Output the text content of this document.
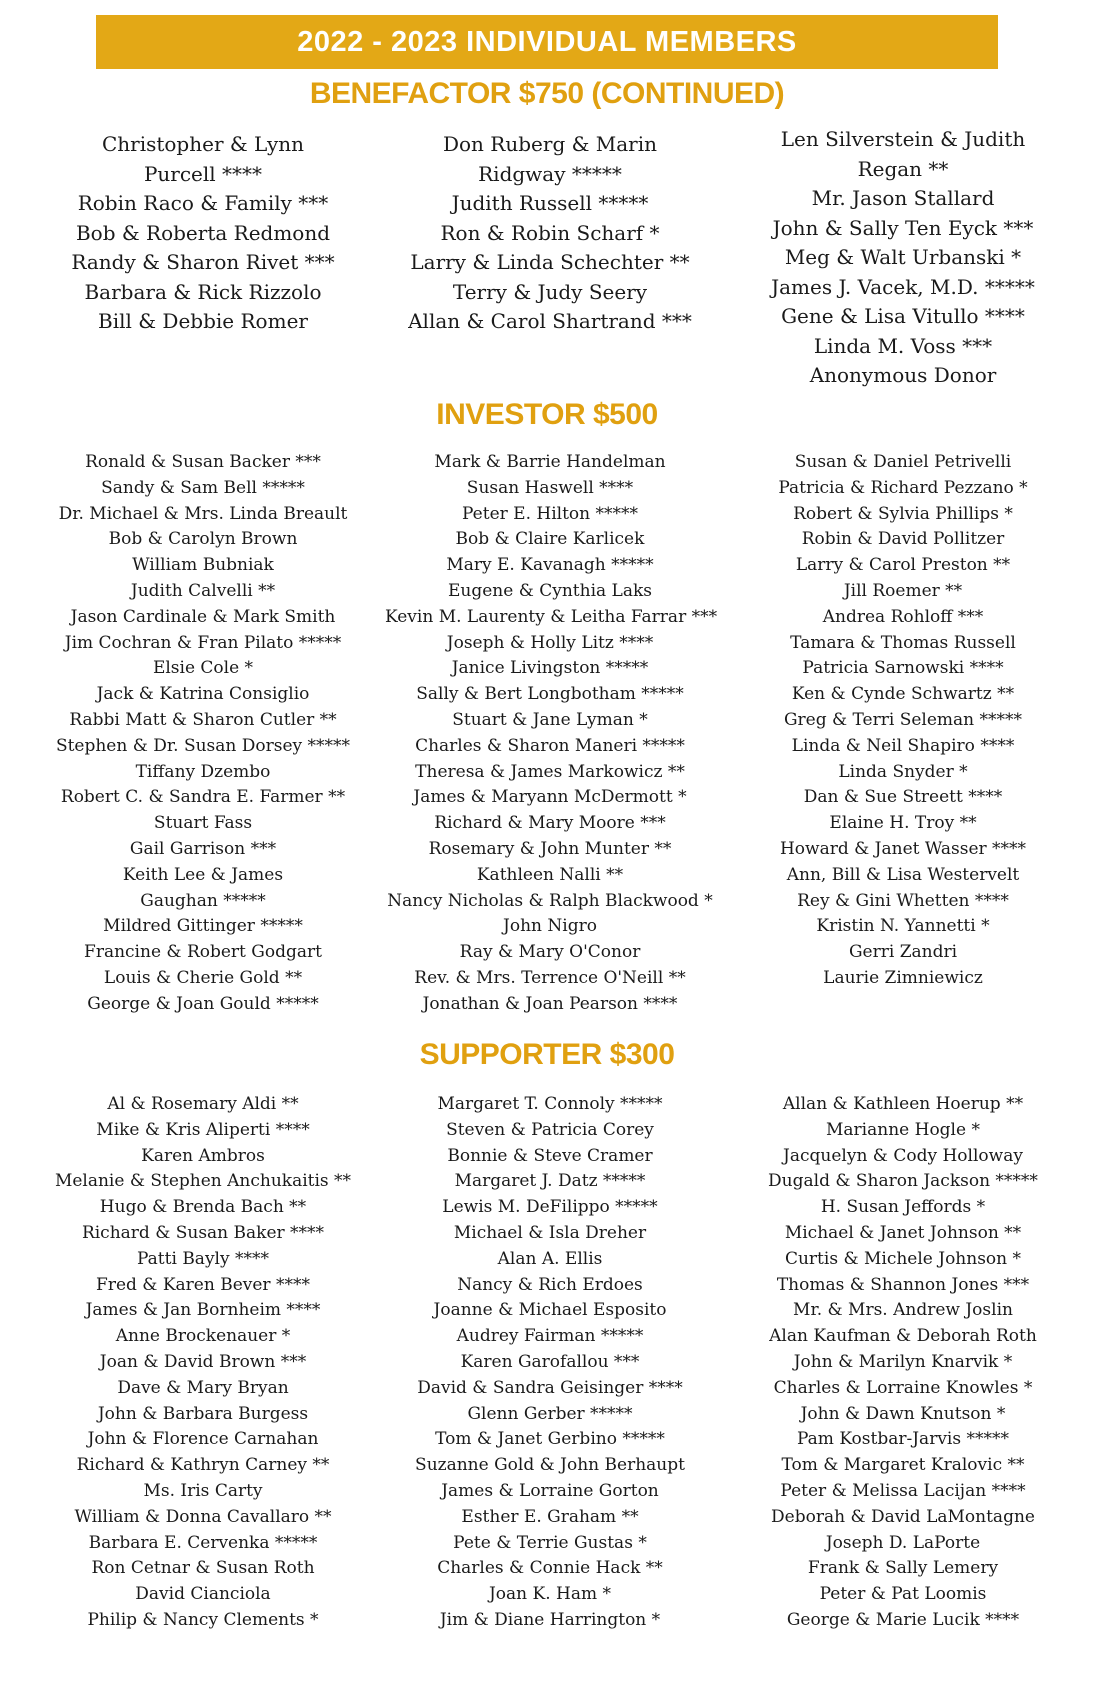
2022 - 2023 INDIVIDUAL MEMBERS
BENEFACTOR $750 (CONTINUED)
Christopher & Lynn
Purcell ****
Robin Raco & Family ***
Bob & Roberta Redmond
Randy & Sharon Rivet ***
Barbara & Rick Rizzolo
Bill & Debbie Romer
Don Ruberg & Marin
Ridgway *****
Judith Russell *****
Ron & Robin Scharf *
Larry & Linda Schechter **
Terry & Judy Seery
Allan & Carol Shartrand ***
Len Silverstein & Judith
Regan **
Mr. Jason Stallard
John & Sally Ten Eyck ***
Meg & Walt Urbanski *
James J. Vacek, M.D. *****
Gene & Lisa Vitullo ****
Linda M. Voss ***
Anonymous Donor
INVESTOR $500
Ronald & Susan Backer ***
Sandy & Sam Bell *****
Dr. Michael & Mrs. Linda Breault
Bob & Carolyn Brown
William Bubniak
Judith Calvelli **
Jason Cardinale & Mark Smith
Jim Cochran & Fran Pilato *****
Elsie Cole *
Jack & Katrina Consiglio
Rabbi Matt & Sharon Cutler **
Stephen & Dr. Susan Dorsey *****
Tiffany Dzembo
Robert C. & Sandra E. Farmer **
Stuart Fass
Gail Garrison ***
Keith Lee & James
Gaughan *****
Mildred Gittinger *****
Francine & Robert Godgart
Louis & Cherie Gold **
George & Joan Gould *****
Mark & Barrie Handelman
Susan Haswell ****
Peter E. Hilton *****
Bob & Claire Karlicek
Mary E. Kavanagh *****
Eugene & Cynthia Laks
Kevin M. Laurenty & Leitha Farrar ***
Joseph & Holly Litz ****
Janice Livingston *****
Sally & Bert Longbotham *****
Stuart & Jane Lyman *
Charles & Sharon Maneri *****
Theresa & James Markowicz **
James & Maryann McDermott *
Richard & Mary Moore ***
Rosemary & John Munter **
Kathleen Nalli **
Nancy Nicholas & Ralph Blackwood *
John Nigro
Ray & Mary O'Conor
Rev. & Mrs. Terrence O'Neill **
Jonathan & Joan Pearson ****
Susan & Daniel Petrivelli
Patricia & Richard Pezzano *
Robert & Sylvia Phillips *
Robin & David Pollitzer
Larry & Carol Preston **
Jill Roemer **
Andrea Rohloff ***
Tamara & Thomas Russell
Patricia Sarnowski ****
Ken & Cynde Schwartz **
Greg & Terri Seleman *****
Linda & Neil Shapiro ****
Linda Snyder *
Dan & Sue Streett ****
Elaine H. Troy **
Howard & Janet Wasser ****
Ann, Bill & Lisa Westervelt
Rey & Gini Whetten ****
Kristin N. Yannetti *
Gerri Zandri
Laurie Zimniewicz
SUPPORTER $300
Al & Rosemary Aldi **
Mike & Kris Aliperti ****
Karen Ambros
Melanie & Stephen Anchukaitis **
Hugo & Brenda Bach **
Richard & Susan Baker ****
Patti Bayly ****
Fred & Karen Bever ****
James & Jan Bornheim ****
Anne Brockenauer *
Joan & David Brown ***
Dave & Mary Bryan
John & Barbara Burgess
John & Florence Carnahan
Richard & Kathryn Carney **
Ms. Iris Carty
William & Donna Cavallaro **
Barbara E. Cervenka *****
Ron Cetnar & Susan Roth
David Cianciola
Philip & Nancy Clements *
Margaret T. Connoly *****
Steven & Patricia Corey
Bonnie & Steve Cramer
Margaret J. Datz *****
Lewis M. DeFilippo *****
Michael & Isla Dreher
Alan A. Ellis
Nancy & Rich Erdoes
Joanne & Michael Esposito
Audrey Fairman *****
Karen Garofallou ***
David & Sandra Geisinger ****
Glenn Gerber *****
Tom & Janet Gerbino *****
Suzanne Gold & John Berhaupt
James & Lorraine Gorton
Esther E. Graham **
Pete & Terrie Gustas *
Charles & Connie Hack **
Joan K. Ham *
Jim & Diane Harrington *
Allan & Kathleen Hoerup **
Marianne Hogle *
Jacquelyn & Cody Holloway
Dugald & Sharon Jackson *****
H. Susan Jeffords *
Michael & Janet Johnson **
Curtis & Michele Johnson *
Thomas & Shannon Jones ***
Mr. & Mrs. Andrew Joslin
Alan Kaufman & Deborah Roth
John & Marilyn Knarvik *
Charles & Lorraine Knowles *
John & Dawn Knutson *
Pam Kostbar-Jarvis *****
Tom & Margaret Kralovic **
Peter & Melissa Lacijan ****
Deborah & David LaMontagne
Joseph D. LaPorte
Frank & Sally Lemery
Peter & Pat Loomis
George & Marie Lucik ****
